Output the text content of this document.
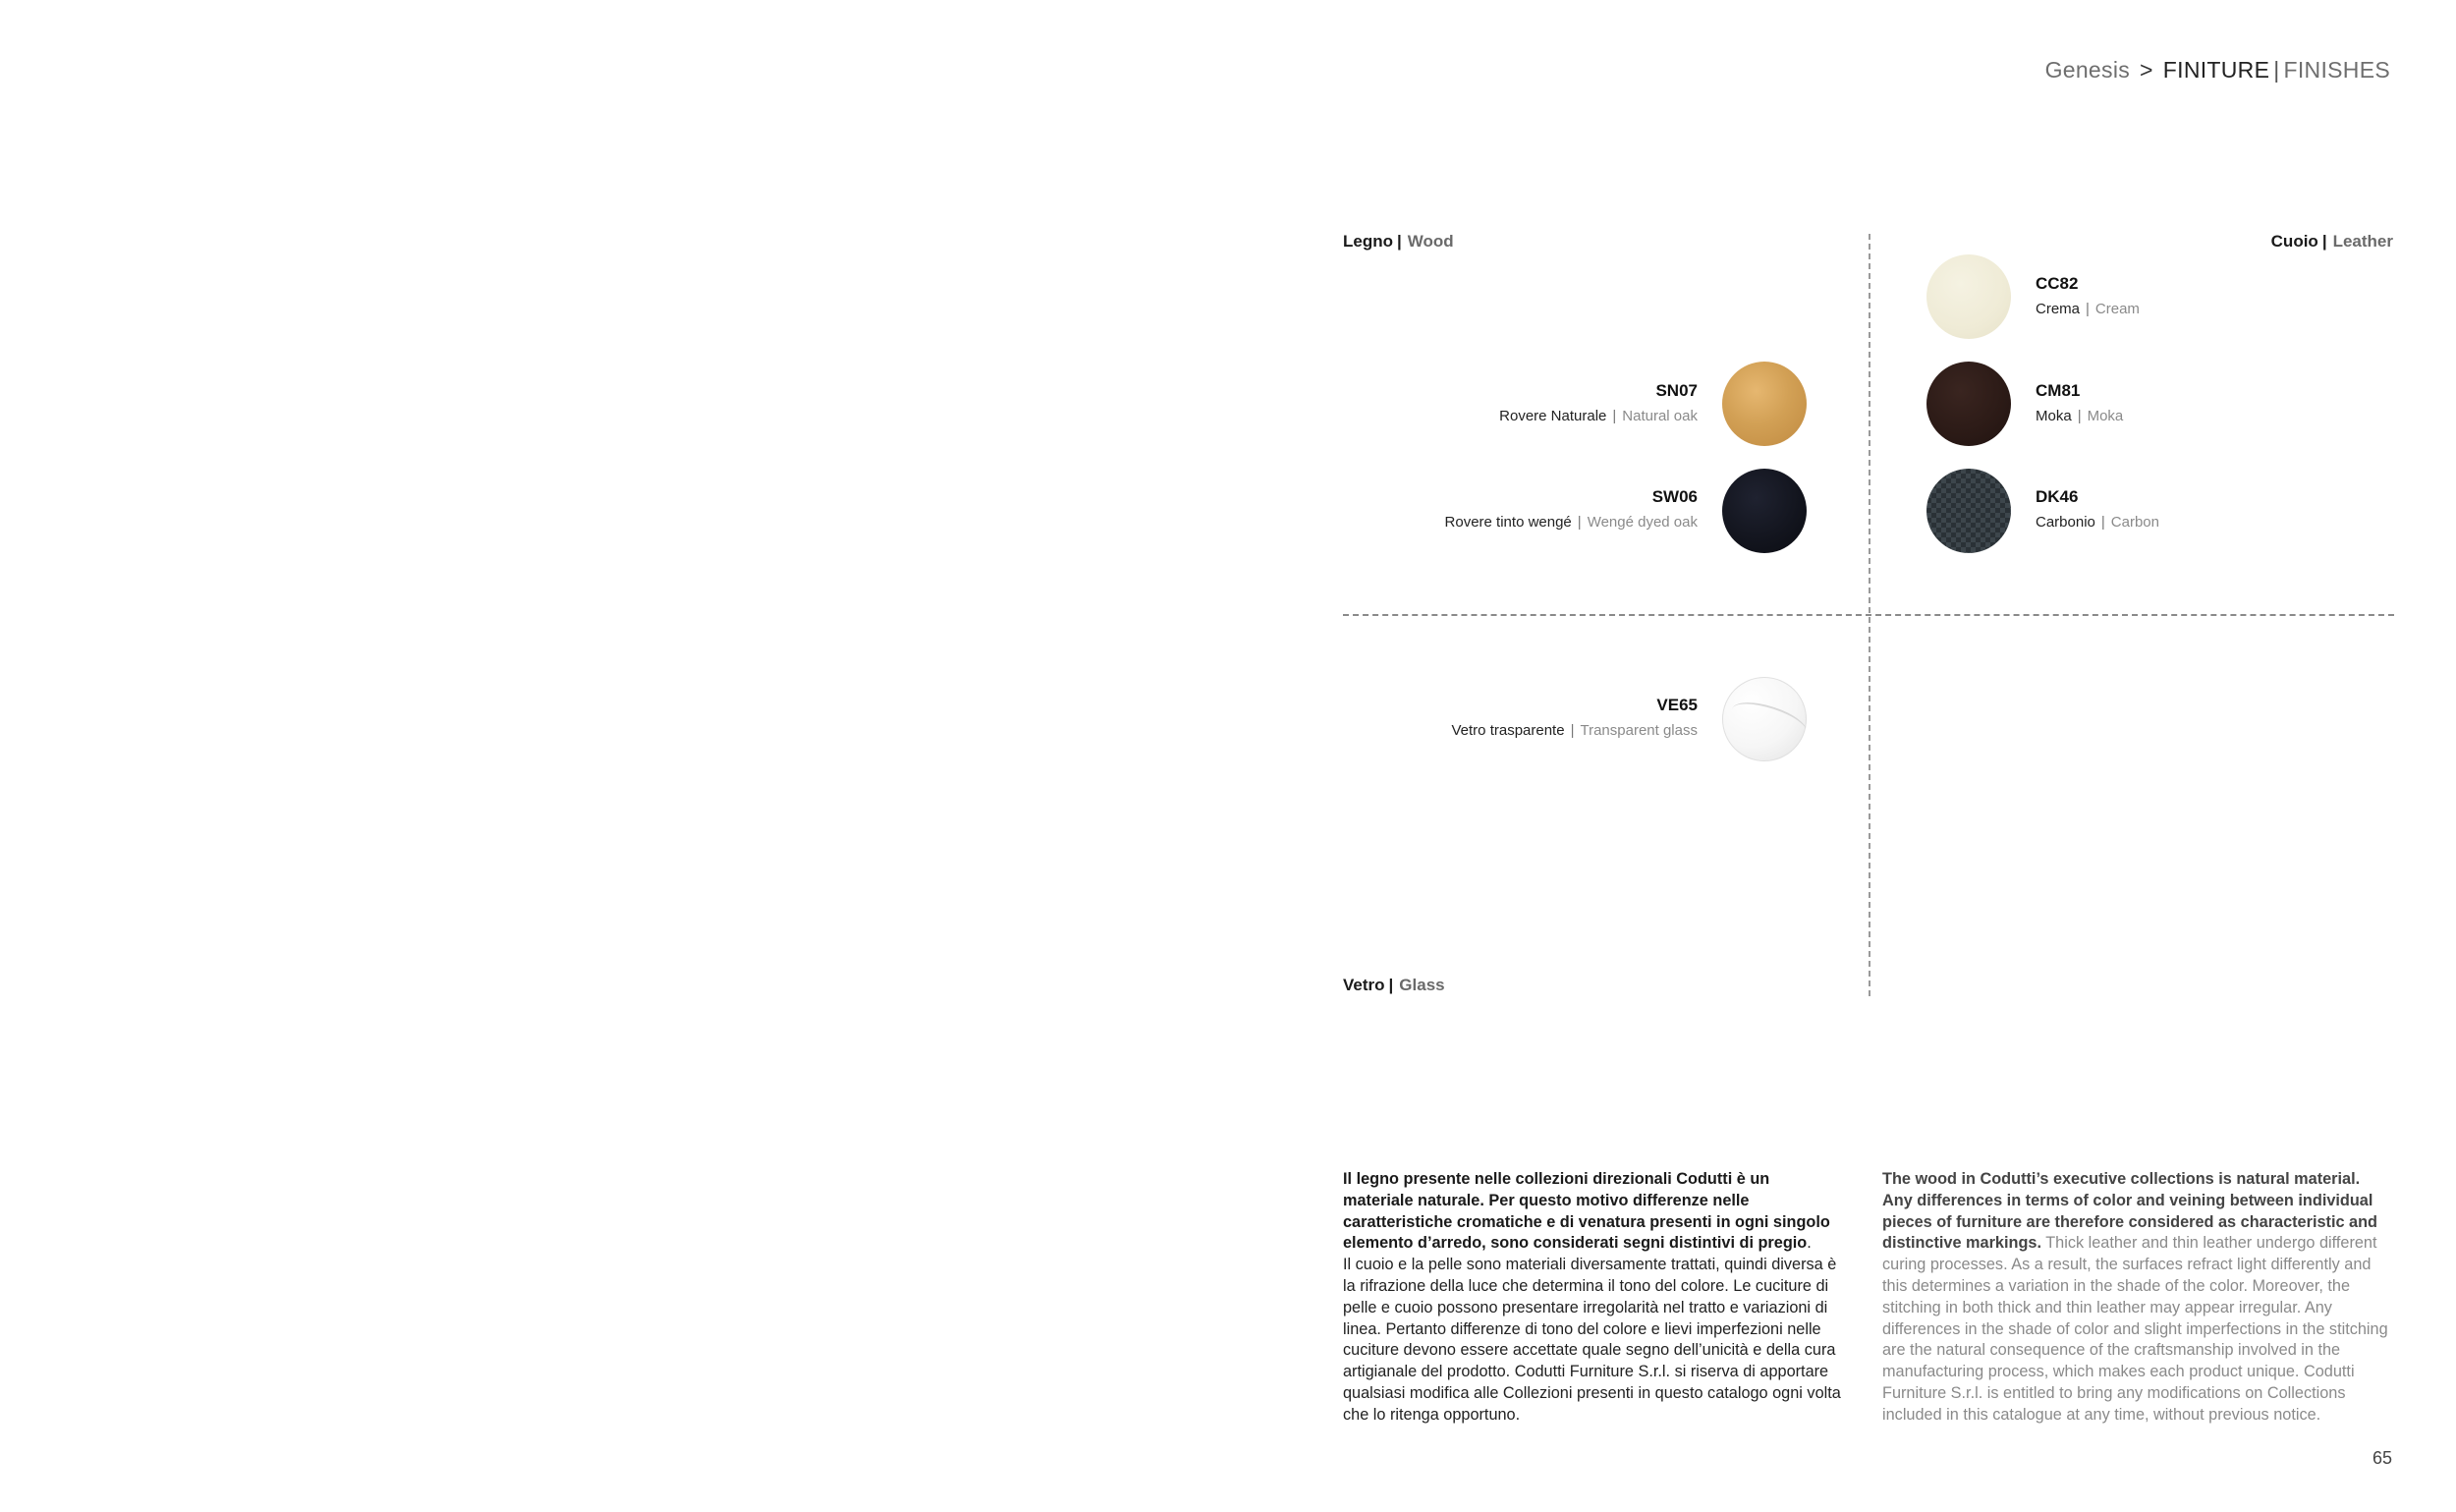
Genesis > FINITURE | FINISHES
Legno | Wood	Cuoio | Leather
Vetro | Glass
SN07
Rovere Naturale | Natural oak
SW06
Rovere tinto wengé | Wengé dyed oak
VE65
Vetro trasparente | Transparent glass
CC82
Crema | Cream
CM81
Moka | Moka
DK46
Carbonio | Carbon
Il legno presente nelle collezioni direzionali Codutti è un materiale naturale. Per questo motivo differenze nelle caratteristiche cromatiche e di venatura presenti in ogni singolo elemento d’arredo, sono considerati segni distintivi di pregio.
Il cuoio e la pelle sono materiali diversamente trattati, quindi diversa è la rifrazione della luce che determina il tono del colore. Le cuciture di pelle e cuoio possono presentare irregolarità nel tratto e variazioni di linea. Pertanto differenze di tono del colore e lievi imperfezioni nelle cuciture devono essere accettate quale segno dell’unicità e della cura artigianale del prodotto. Codutti Furniture S.r.l. si riserva di apportare qualsiasi modifica alle Collezioni presenti in questo catalogo ogni volta che lo ritenga opportuno.
The wood in Codutti’s executive collections is natural material. Any differences in terms of color and veining between individual pieces of furniture are therefore considered as characteristic and distinctive markings. Thick leather and thin leather undergo different curing processes. As a result, the surfaces refract light differently and this determines a variation in the shade of the color. Moreover, the stitching in both thick and thin leather may appear irregular. Any differences in the shade of color and slight imperfections in the stitching are the natural consequence of the craftsmanship involved in the manufacturing process, which makes each product unique. Codutti Furniture S.r.l. is entitled to bring any modifications on Collections included in this catalogue at any time, without previous notice.
65
